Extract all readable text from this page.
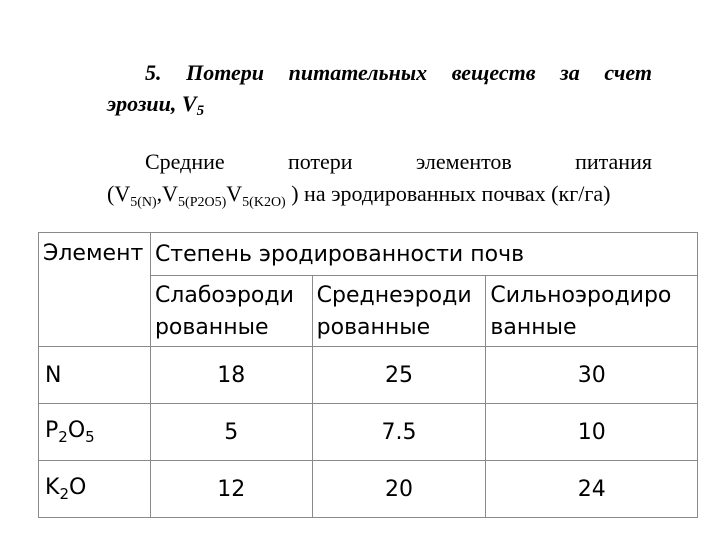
5. Потери питательных веществ за счет
эрозии, $V_5$
Средние	потери	элементов	питания
($V_{5(N)},V_{5(P2O5)}V_{5(K2O)}$ ) на эродированных почвах (кг/га)
Элемент	Степень эродированности почв		
	Слабоэроди рованные	Среднеэроди рованные	Сильноэродиро ванные
N	18	25	30
$P_2O_5$	5	7.5	10
$K_2O$	12	20	24
